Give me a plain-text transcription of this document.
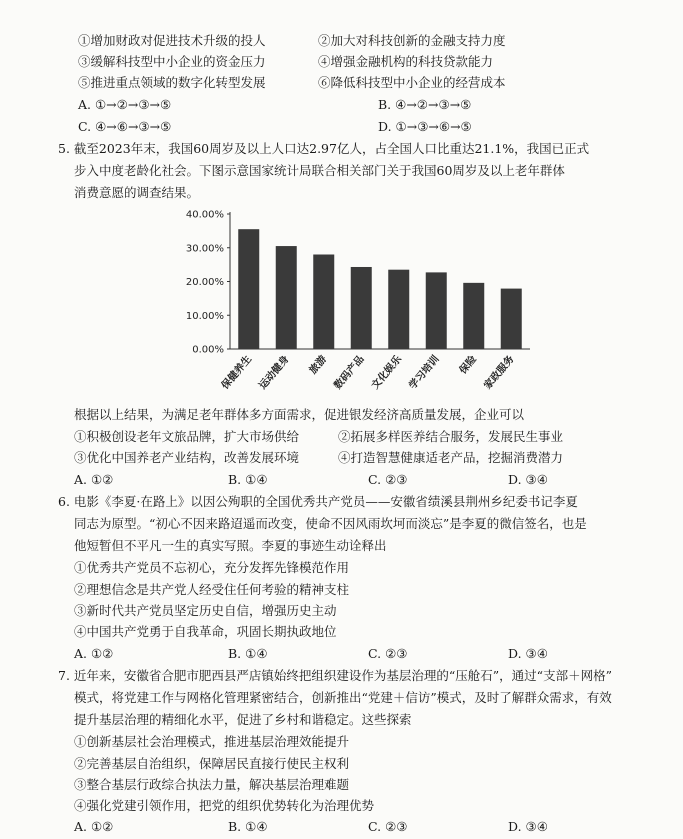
①增加财政对促进技术升级的投人	②加大对科技创新的金融支持力度
③缓解科技型中小企业的资金压力	④增强金融机构的科技贷款能力
⑤推进重点领域的数字化转型发展	⑥降低科技型中小企业的经营成本
A. ①→②→③→⑤	B. ④→②→③→⑤
C. ④→⑥→③→⑤	D. ①→③→⑥→⑤
5. 截至2023年末，我国60周岁及以上人口达2.97亿人，占全国人口比重达21.1%，我国已正式
步入中度老龄化社会。下图示意国家统计局联合相关部门关于我国60周岁及以上老年群体
消费意愿的调查结果。
0.00%
10.00%
20.00%
30.00%
40.00%
保健养生 运动健身 旅游 数码产品 文化娱乐 学习培训 保险 家政服务
根据以上结果，为满足老年群体多方面需求，促进银发经济高质量发展，企业可以
①积极创设老年文旅品牌，扩大市场供给	②拓展多样医养结合服务，发展民生事业
③优化中国养老产业结构，改善发展环境	④打造智慧健康适老产品，挖掘消费潜力
A. ①②	B. ①④	C. ②③	D. ③④
6. 电影《李夏·在路上》以因公殉职的全国优秀共产党员——安徽省绩溪县荆州乡纪委书记李夏
同志为原型。“初心不因来路迢遥而改变，使命不因风雨坎坷而淡忘”是李夏的微信签名，也是
他短暂但不平凡一生的真实写照。李夏的事迹生动诠释出
①优秀共产党员不忘初心，充分发挥先锋模范作用
②理想信念是共产党人经受住任何考验的精神支柱
③新时代共产党员坚定历史自信，增强历史主动
④中国共产党勇于自我革命，巩固长期执政地位
A. ①②	B. ①④	C. ②③	D. ③④
7. 近年来，安徽省合肥市肥西县严店镇始终把组织建设作为基层治理的“压舱石”，通过“支部＋网格”
模式，将党建工作与网格化管理紧密结合，创新推出“党建＋信访”模式，及时了解群众需求，有效
提升基层治理的精细化水平，促进了乡村和谐稳定。这些探索
①创新基层社会治理模式，推进基层治理效能提升
②完善基层自治组织，保障居民直接行使民主权利
③整合基层行政综合执法力量，解决基层治理难题
④强化党建引领作用，把党的组织优势转化为治理优势
A. ①②	B. ①④	C. ②③	D. ③④
